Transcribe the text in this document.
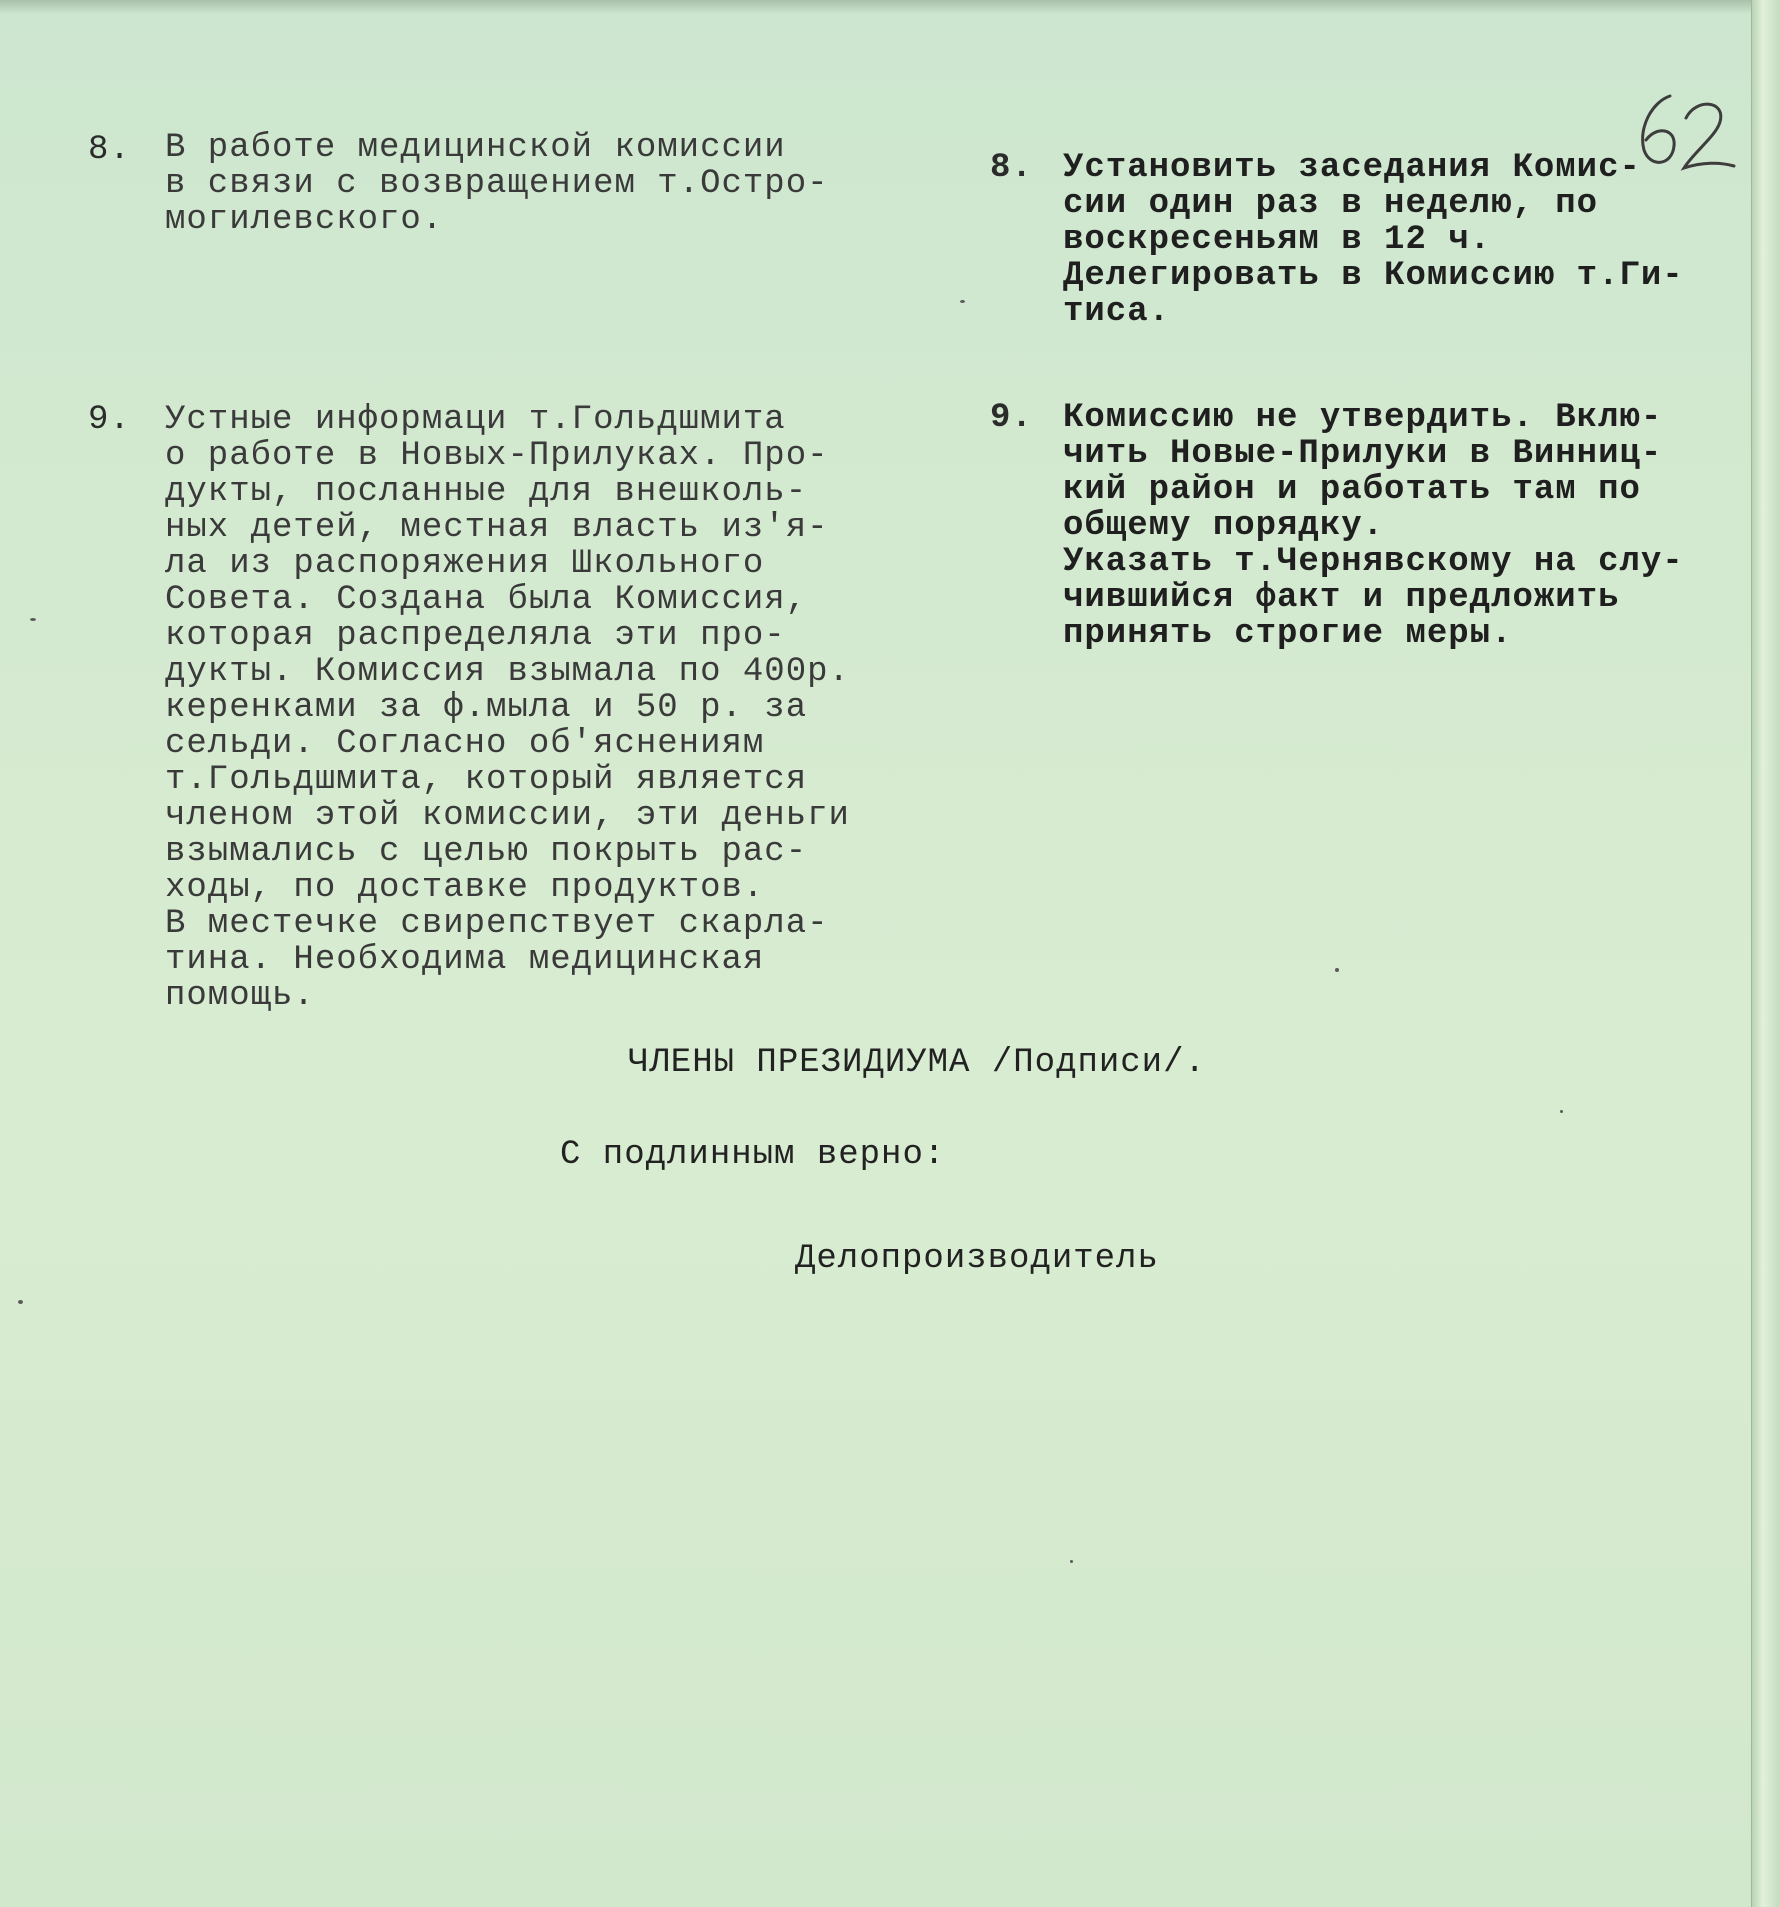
8. В работе медицинской комиссии
в связи с возвращением т.Остро-
могилевского.

8. Установить заседания Комис-
сии один раз в неделю, по
воскресеньям в 12 ч.
Делегировать в Комиссию т.Ги-
тиса.

9. Устные информаци т.Гольдшмита
о работе в Новых-Прилуках. Про-
дукты, посланные для внешколь-
ных детей, местная власть из'я-
ла из распоряжения Школьного
Совета. Создана была Комиссия,
которая распределяла эти про-
дукты. Комиссия взымала по 400р.
керенками за ф.мыла и 50 р. за
сельди. Согласно об'яснениям
т.Гольдшмита, который является
членом этой комиссии, эти деньги
взымались с целью покрыть рас-
ходы, по доставке продуктов.
В местечке свирепствует скарла-
тина. Необходима медицинская
помощь.

9. Комиссию не утвердить. Вклю-
чить Новые-Прилуки в Винниц-
кий район и работать там по
общему порядку.
Указать т.Чернявскому на слу-
чившийся факт и предложить
принять строгие меры.

ЧЛЕНЫ ПРЕЗИДИУМА /Подписи/.
С подлинным верно:
Делопроизводитель
